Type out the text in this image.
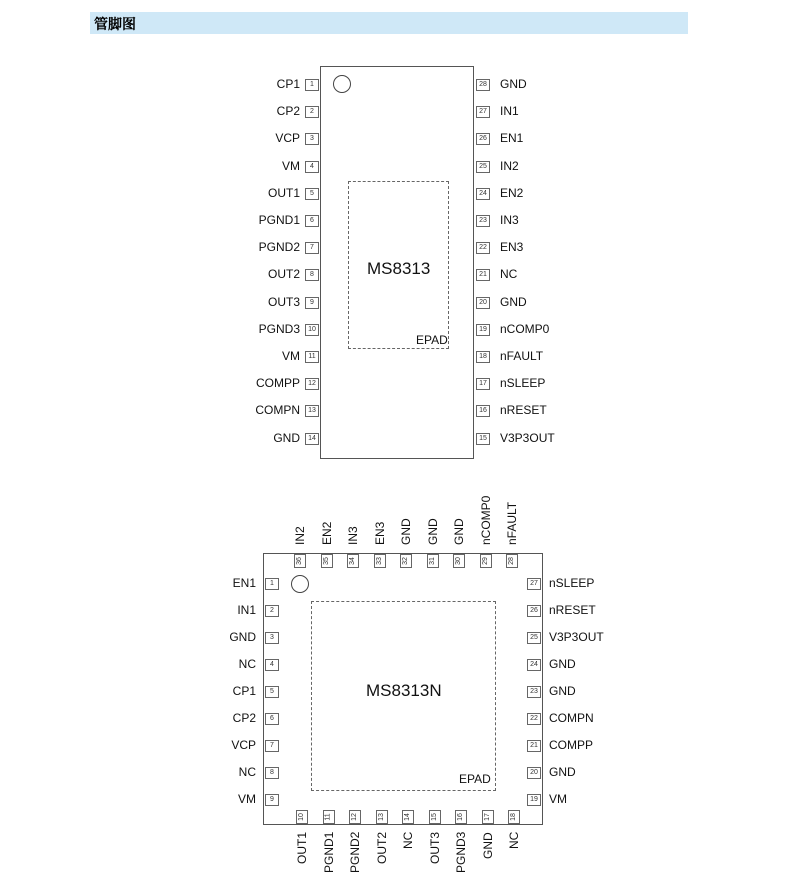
管脚图
MS8313
EPAD
1
CP1
2
CP2
3
VCP
4
VM
5
OUT1
6
PGND1
7
PGND2
8
OUT2
9
OUT3
10
PGND3
11
VM
12
COMPP
13
COMPN
14
GND
28 GND
27 IN1
26 EN1
25 IN2
24 EN2
23 IN3
22 EN3
21 NC
20 GND
19 nCOMP0
18 nFAULT
17 nSLEEP
16 nRESET
15 V3P3OUT
MS8313N
EPAD
1
EN1
2
IN1
3
GND
4
NC
5
CP1
6
CP2
7
VCP
8
NC
9
VM
27 nSLEEP
26 nRESET
25 V3P3OUT
24 GND
23 GND
22 COMPN
21 COMPP
20 GND
19 VM
36
IN2
35
EN2
34
IN3
33
EN3
32
GND
31
GND
30
GND
29
nCOMP0
28
nFAULT
10
OUT1
11
PGND1
12
PGND2
13
OUT2
14
NC
15
OUT3
16
PGND3
17
GND
18
NC
